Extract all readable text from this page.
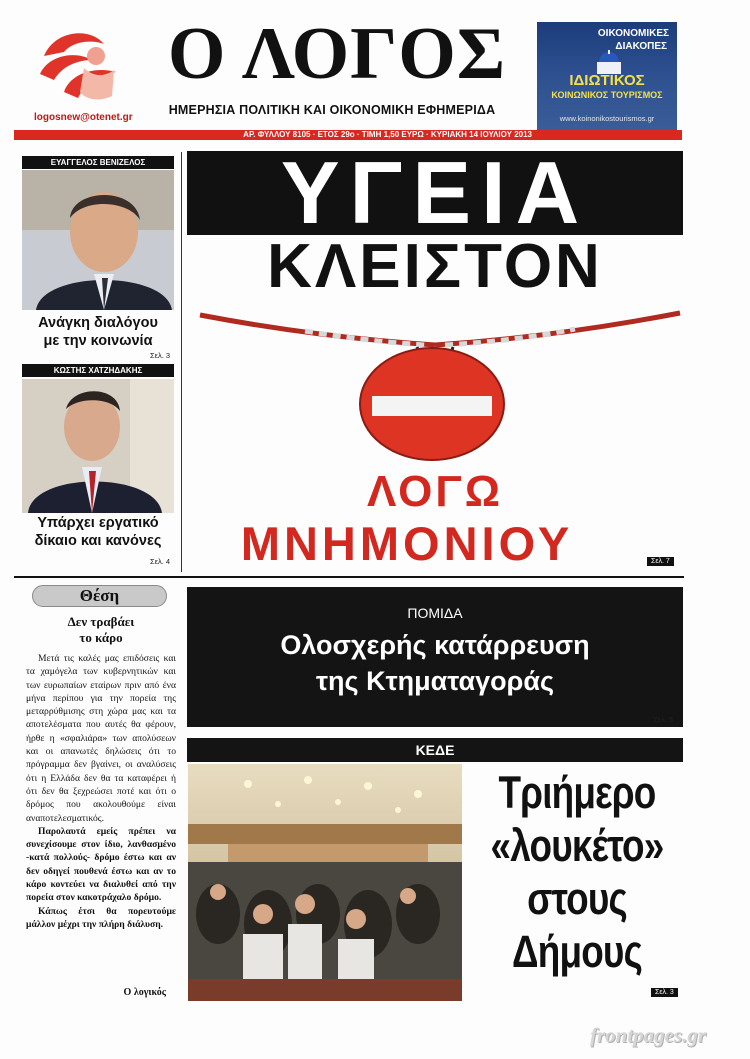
logosnew@otenet.gr
Ο ΛΟΓΟΣ
ΗΜΕΡΗΣΙΑ ΠΟΛΙΤΙΚΗ ΚΑΙ ΟΙΚΟΝΟΜΙΚΗ ΕΦΗΜΕΡΙΔΑ
ΟΙΚΟΝΟΜΙΚΕΣ
ΔΙΑΚΟΠΕΣ
ΙΔΙΩΤΙΚΟΣ
ΚΟΙΝΩΝΙΚΟΣ ΤΟΥΡΙΣΜΟΣ
www.koinonikostourismos.gr
ΑΡ. ΦΥΛΛΟΥ 8105 · ΕΤΟΣ 29ο · ΤΙΜΗ 1,50 ΕΥΡΩ · ΚΥΡΙΑΚΗ 14 ΙΟΥΛΙΟΥ 2013
ΕΥΑΓΓΕΛΟΣ ΒΕΝΙΖΕΛΟΣ
Ανάγκη διαλόγου
με την κοινωνία
Σελ. 3
ΚΩΣΤΗΣ ΧΑΤΖΗΔΑΚΗΣ
Υπάρχει εργατικό
δίκαιο και κανόνες
Σελ. 4
ΥΓΕΙΑ
ΚΛΕΙΣΤΟΝ
ΛΟΓΩ
ΜΝΗΜΟΝΙΟΥ	Σελ. 7
Θέση
Δεν τραβάει
το κάρο

Μετά τις καλές μας επιδόσεις και τα χαμόγελα των κυβερνητικών και των ευρωπαίων εταίρων πριν από ένα μήνα περίπου για την πορεία της μεταρρύθμισης στη χώρα μας και τα αποτελέσματα που αυτές θα φέρουν, ήρθε η «σφαλιάρα» των απολύσεων και οι απανωτές δηλώσεις ότι το πρόγραμμα δεν βγαίνει, οι αναλύσεις ότι η Ελλάδα δεν θα τα καταφέρει ή ότι δεν θα ξεχρεώσει ποτέ και ότι ο δρόμος που ακολουθούμε είναι αναποτελεσματικός.

Παρολαυτά εμείς πρέπει να συνεχίσουμε στον ίδιο, λανθασμένο -κατά πολλούς- δρόμο έστω και αν δεν οδηγεί πουθενά έστω και αν το κάρο κοντεύει να διαλυθεί από την πορεία στον κακοτράχαλο δρόμο.

Κάπως έτσι θα πορευτούμε μάλλον μέχρι την πλήρη διάλυση.

Ο λογικός
ΠΟΜΙΔΑ
Ολοσχερής κατάρρευση
της Κτηματαγοράς
Σελ. 5
ΚΕΔΕ
Τριήμερο
«λουκέτο»
στους
Δήμους
Σελ. 3
frontpages.gr
